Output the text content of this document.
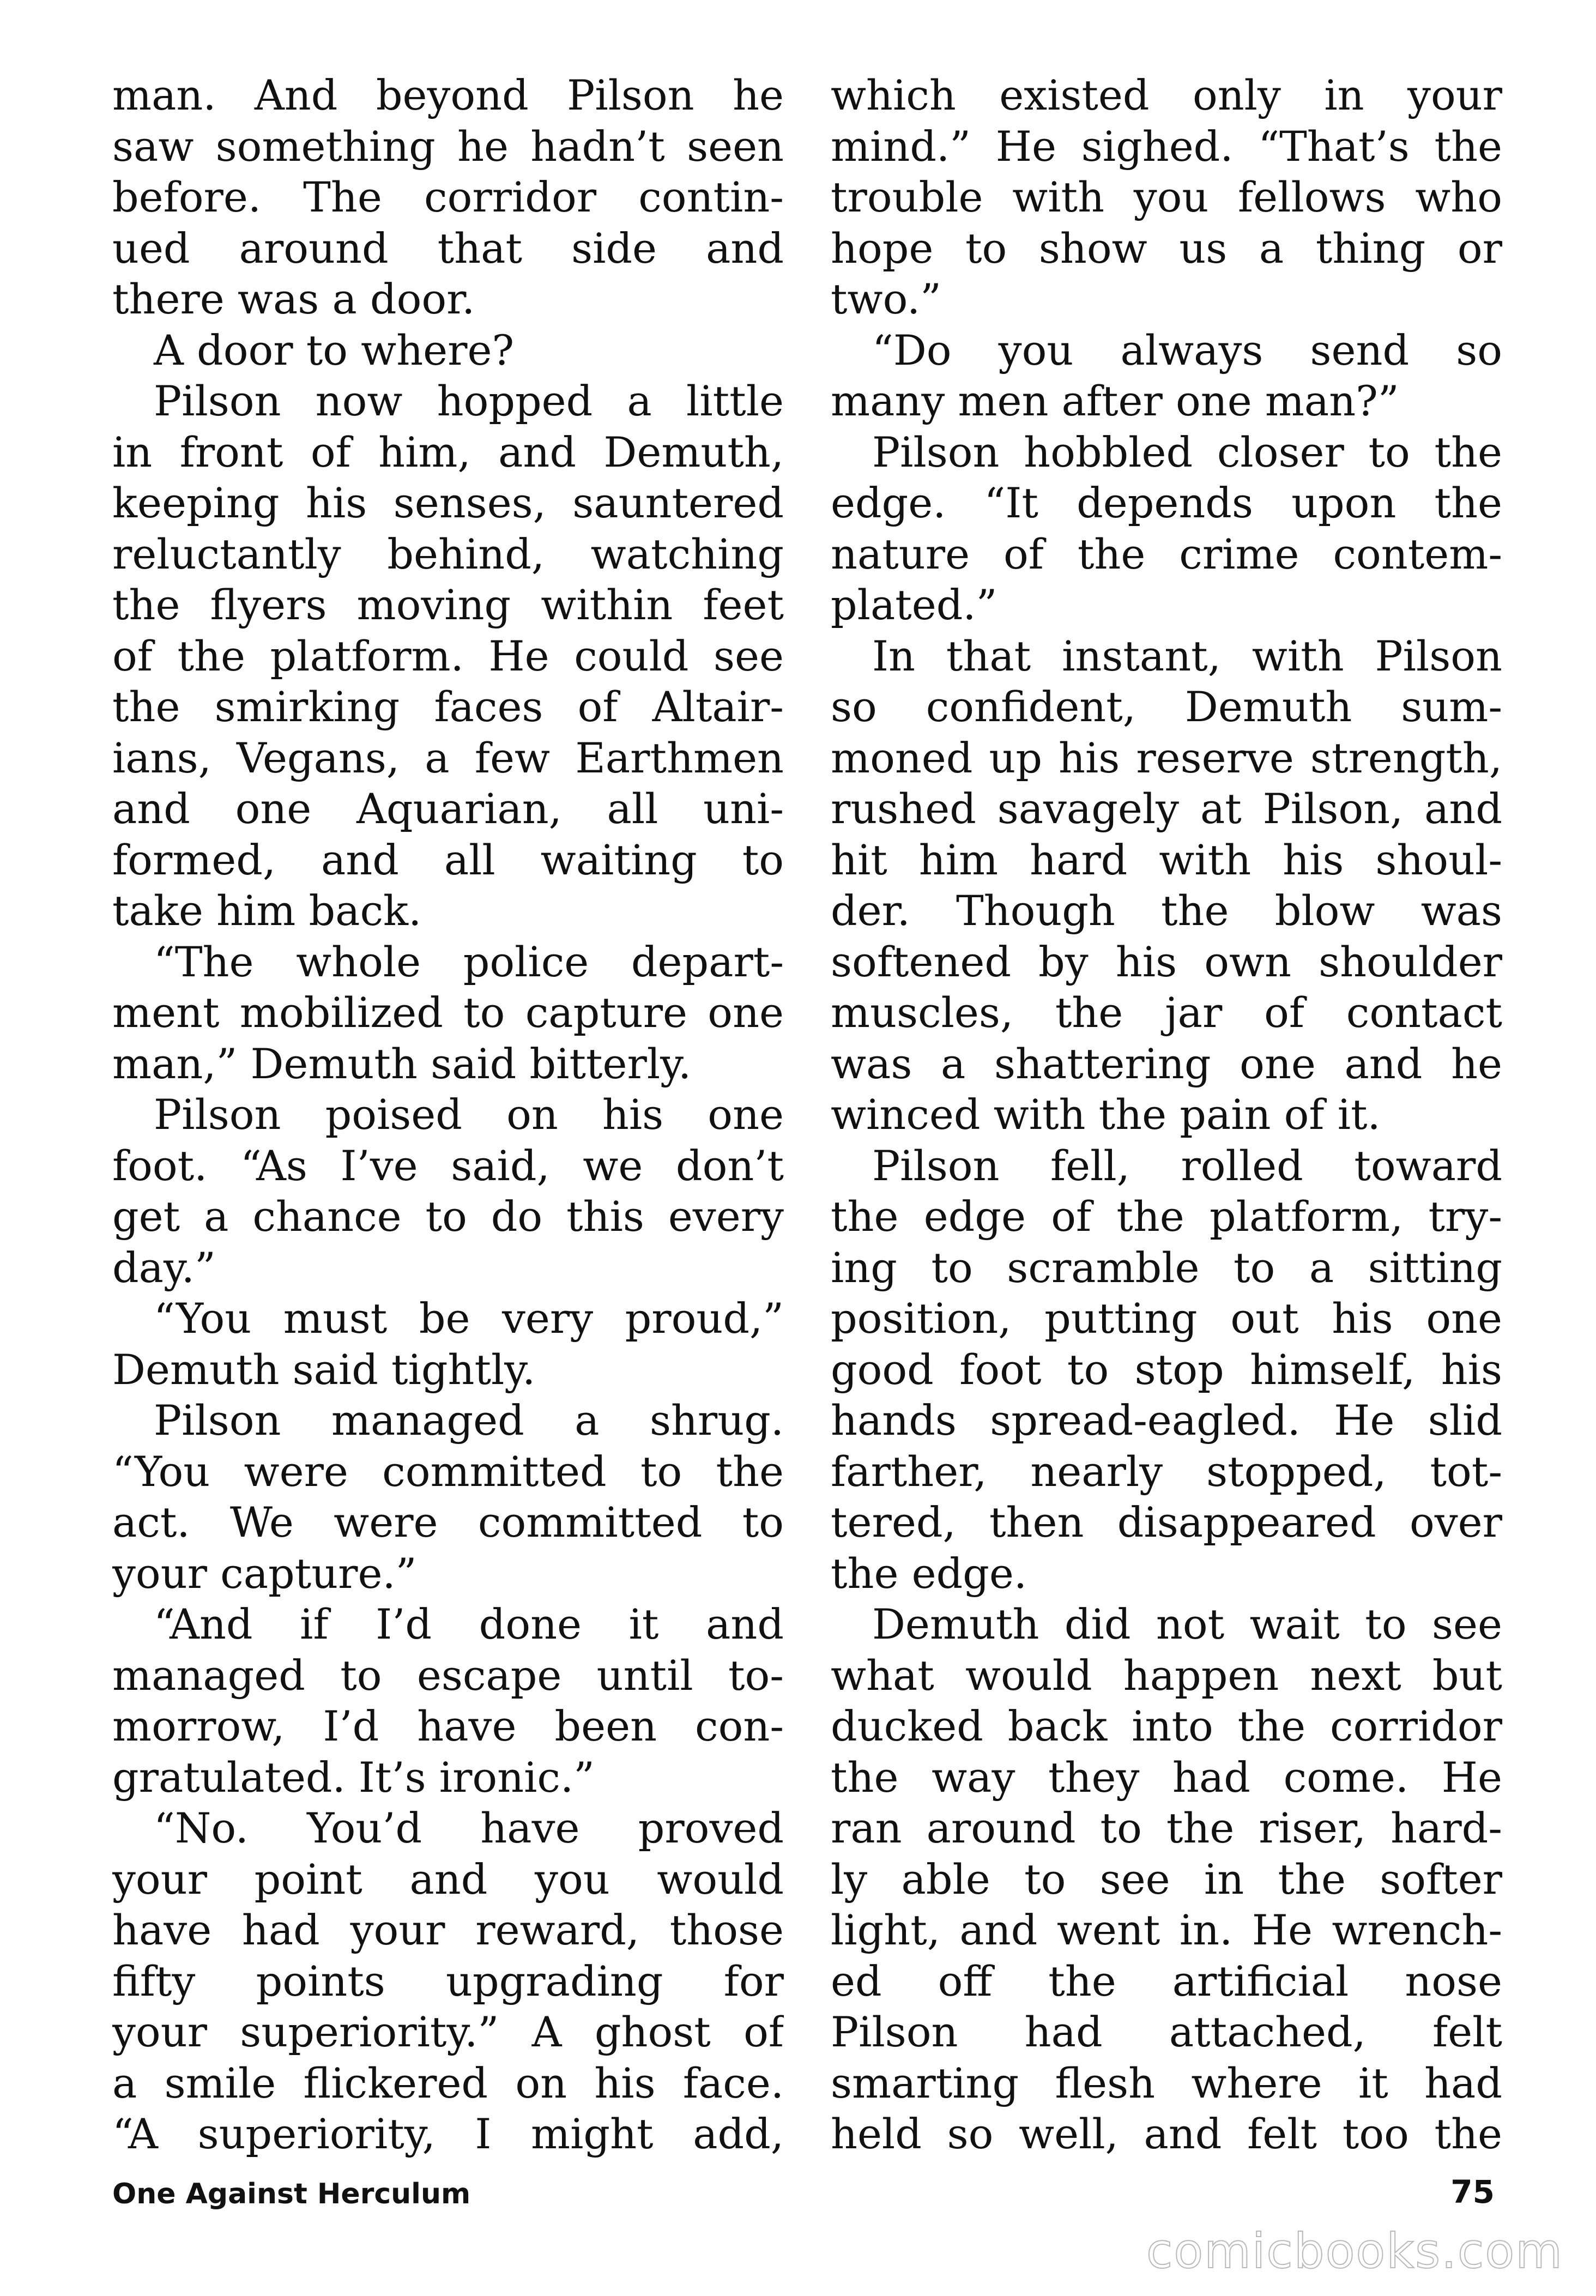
man. And beyond Pilson he
saw something he hadn’t seen
before. The corridor contin-
ued around that side and
there was a door.
A door to where?
Pilson now hopped a little
in front of him, and Demuth,
keeping his senses, sauntered
reluctantly behind, watching
the flyers moving within feet
of the platform. He could see
the smirking faces of Altair-
ians, Vegans, a few Earthmen
and one Aquarian, all uni-
formed, and all waiting to
take him back.
“The whole police depart-
ment mobilized to capture one
man,” Demuth said bitterly.
Pilson poised on his one
foot. “As I’ve said, we don’t
get a chance to do this every
day.”
“You must be very proud,”
Demuth said tightly.
Pilson managed a shrug.
“You were committed to the
act. We were committed to
your capture.”
“And if I’d done it and
managed to escape until to-
morrow, I’d have been con-
gratulated. It’s ironic.”
“No. You’d have proved
your point and you would
have had your reward, those
fifty points upgrading for
your superiority.” A ghost of
a smile flickered on his face.
“A superiority, I might add,
which existed only in your
mind.” He sighed. “That’s the
trouble with you fellows who
hope to show us a thing or
two.”
“Do you always send so
many men after one man?”
Pilson hobbled closer to the
edge. “It depends upon the
nature of the crime contem-
plated.”
In that instant, with Pilson
so confident, Demuth sum-
moned up his reserve strength,
rushed savagely at Pilson, and
hit him hard with his shoul-
der. Though the blow was
softened by his own shoulder
muscles, the jar of contact
was a shattering one and he
winced with the pain of it.
Pilson fell, rolled toward
the edge of the platform, try-
ing to scramble to a sitting
position, putting out his one
good foot to stop himself, his
hands spread-eagled. He slid
farther, nearly stopped, tot-
tered, then disappeared over
the edge.
Demuth did not wait to see
what would happen next but
ducked back into the corridor
the way they had come. He
ran around to the riser, hard-
ly able to see in the softer
light, and went in. He wrench-
ed off the artificial nose
Pilson had attached, felt
smarting flesh where it had
held so well, and felt too the
One Against Herculum	75
comicbooks.com
